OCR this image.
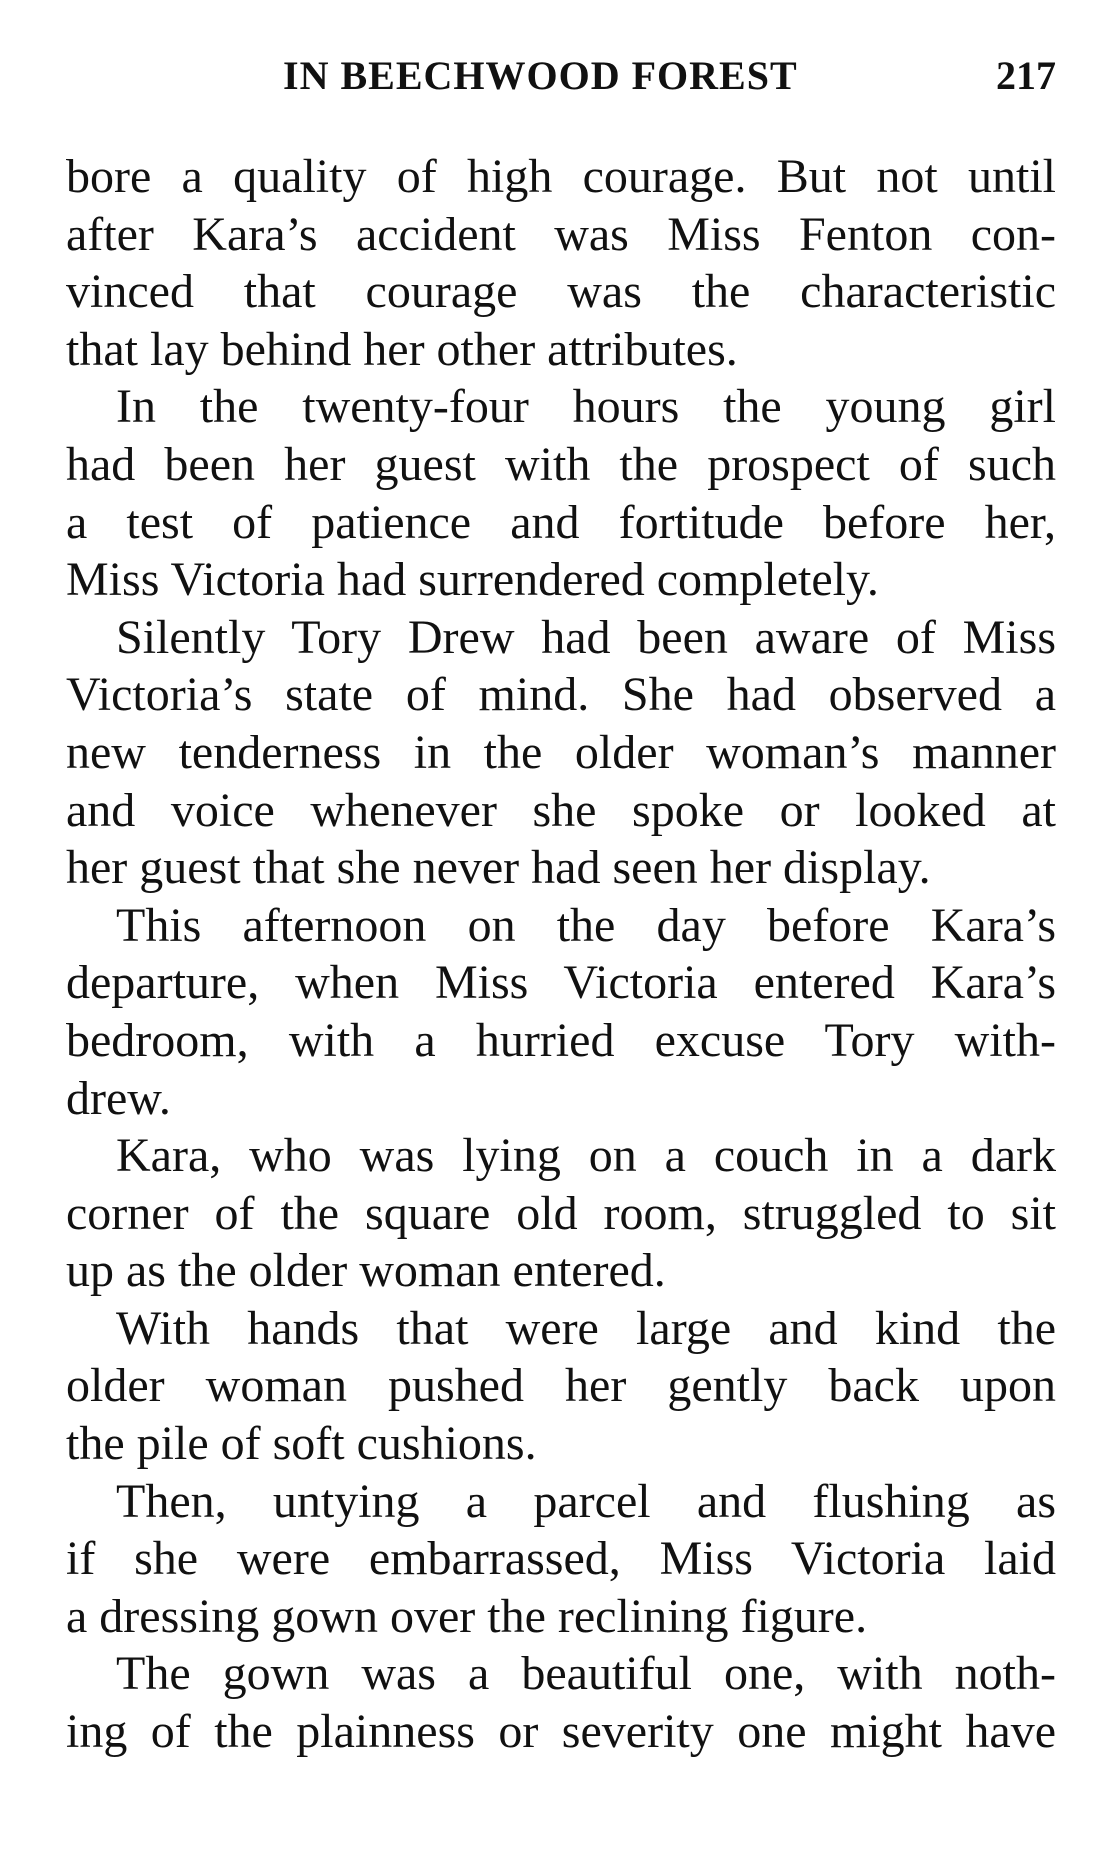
IN BEECHWOOD FOREST	217
bore a quality of high courage. But not until
after Kara’s accident was Miss Fenton con-
vinced that courage was the characteristic
that lay behind her other attributes.
In the twenty-four hours the young girl
had been her guest with the prospect of such
a test of patience and fortitude before her,
Miss Victoria had surrendered completely.
Silently Tory Drew had been aware of Miss
Victoria’s state of mind. She had observed a
new tenderness in the older woman’s manner
and voice whenever she spoke or looked at
her guest that she never had seen her display.
This afternoon on the day before Kara’s
departure, when Miss Victoria entered Kara’s
bedroom, with a hurried excuse Tory with-
drew.
Kara, who was lying on a couch in a dark
corner of the square old room, struggled to sit
up as the older woman entered.
With hands that were large and kind the
older woman pushed her gently back upon
the pile of soft cushions.
Then, untying a parcel and flushing as
if she were embarrassed, Miss Victoria laid
a dressing gown over the reclining figure.
The gown was a beautiful one, with noth-
ing of the plainness or severity one might have
